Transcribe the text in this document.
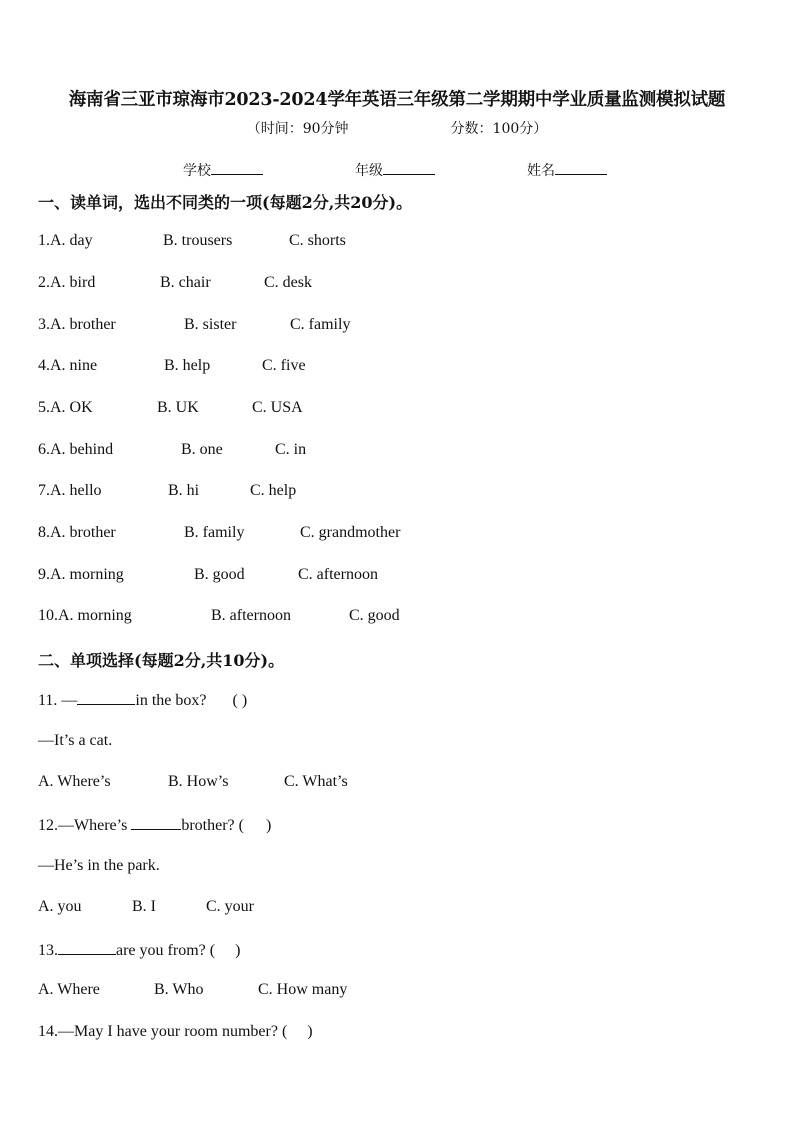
海南省三亚市琼海市2023-2024学年英语三年级第二学期期中学业质量监测模拟试题
（时间：90分钟	分数：100分）
学校	年级	姓名
一、读单词，选出不同类的一项(每题2分,共20分)。
1.A. day	B. trousers	C. shorts
2.A. bird	B. chair	C. desk
3.A. brother	B. sister	C. family
4.A. nine	B. help	C. five
5.A. OK	B. UK	C. USA
6.A. behind	B. one	C. in
7.A. hello	B. hi	C. help
8.A. brother	B. family	C. grandmother
9.A. morning	B. good	C. afternoon
10.A. morning	B. afternoon	C. good
二、单项选择(每题2分,共10分)。
11. —	in the box? ( )
—It’s a cat.
A. Where’s	B. How’s	C. What’s
12.—Where’s	brother? ( )
—He’s in the park.
A. you	B. I	C. your
13.	are you from? ( )
A. Where	B. Who	C. How many
14.—May I have your room number? ( )
